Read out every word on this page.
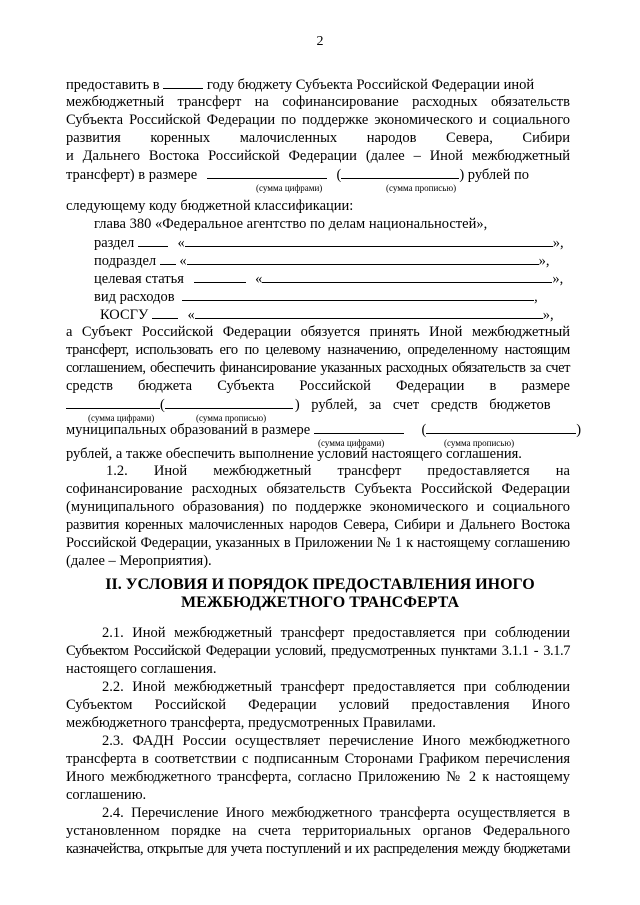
2
предоставить в	году бюджету Субъекта Российской Федерации иной
межбюджетный трансферт на софинансирование расходных обязательств
Субъекта Российской Федерации по поддержке экономического и социального
развития коренных малочисленных народов Севера, Сибири
и Дальнего Востока Российской Федерации (далее – Иной межбюджетный
трансферт) в размере	(	) рублей по
(сумма цифрами)	(сумма прописью)
следующему коду бюджетной классификации:
глава 380 «Федеральное агентство по делам национальностей»,
раздел	«	»,
подраздел «	»,
целевая статья	«	»,
вид расходов	,
КОСГУ	«	»,
а Субъект Российской Федерации обязуется принять Иной межбюджетный
трансферт, использовать его по целевому назначению, определенному настоящим
соглашением, обеспечить финансирование указанных расходных обязательств за счет
средств бюджета Субъекта Российской Федерации в размере
(	) рублей, за счет средств бюджетов
(сумма цифрами)	(сумма прописью)
муниципальных образований в размере	(	)
(сумма цифрами)	(сумма прописью)
рублей, а также обеспечить выполнение условий настоящего соглашения.
1.2. Иной межбюджетный трансферт предоставляется на
софинансирование расходных обязательств Субъекта Российской Федерации
(муниципального образования) по поддержке экономического и социального
развития коренных малочисленных народов Севера, Сибири и Дальнего Востока
Российской Федерации, указанных в Приложении № 1 к настоящему соглашению
(далее – Мероприятия).
II. УСЛОВИЯ И ПОРЯДОК ПРЕДОСТАВЛЕНИЯ ИНОГО
МЕЖБЮДЖЕТНОГО ТРАНСФЕРТА
2.1. Иной межбюджетный трансферт предоставляется при соблюдении
Субъектом Российской Федерации условий, предусмотренных пунктами 3.1.1 - 3.1.7
настоящего соглашения.
2.2. Иной межбюджетный трансферт предоставляется при соблюдении
Субъектом Российской Федерации условий предоставления Иного
межбюджетного трансферта, предусмотренных Правилами.
2.3. ФАДН России осуществляет перечисление Иного межбюджетного
трансферта в соответствии с подписанным Сторонами Графиком перечисления
Иного межбюджетного трансферта, согласно Приложению № 2 к настоящему
соглашению.
2.4. Перечисление Иного межбюджетного трансферта осуществляется в
установленном порядке на счета территориальных органов Федерального
казначейства, открытые для учета поступлений и их распределения между бюджетами
